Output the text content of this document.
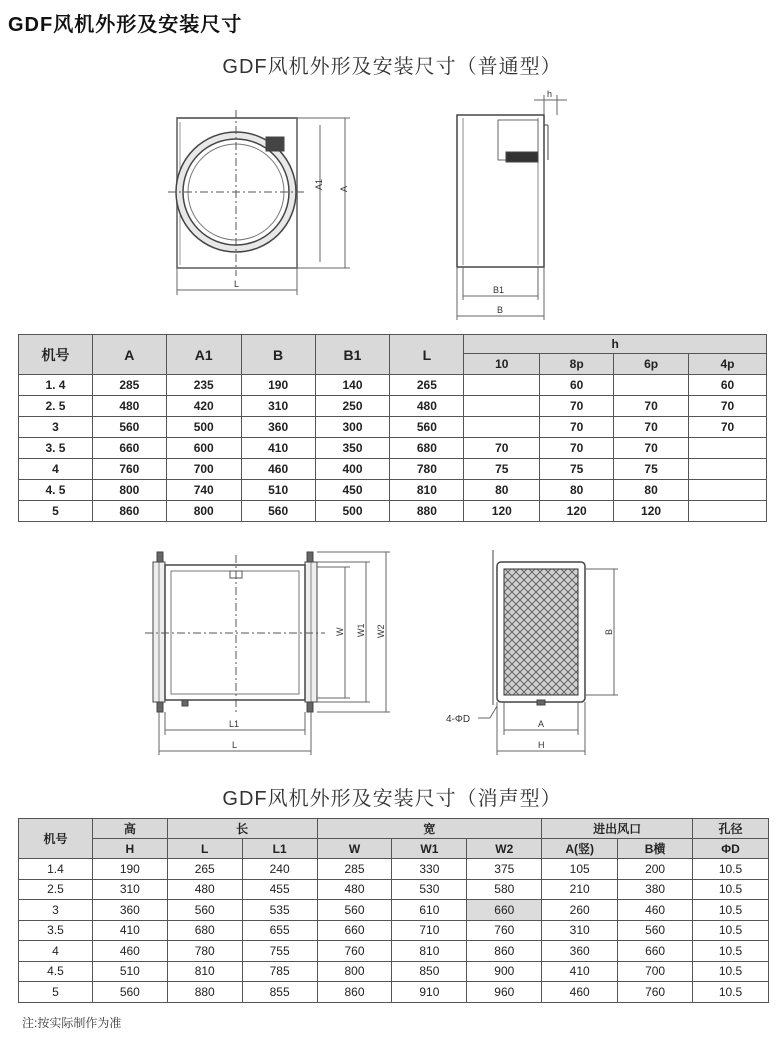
GDF风机外形及安装尺寸
GDF风机外形及安装尺寸（普通型）
A1 A
L
h
B1
B
机号	A	A1	B	B1	L	h			
						10	8p	6p	4p
1. 4	285	235	190	140	265		60		60
2. 5	480	420	310	250	480		70	70	70
3	560	500	360	300	560		70	70	70
3. 5	660	600	410	350	680	70	70	70	
4	760	700	460	400	780	75	75	75	
4. 5	800	740	510	450	810	80	80	80	
5	860	800	560	500	880	120	120	120	
GDF风机外形及安装尺寸（消声型）
W W1 W2
L1
L
B
A
H
4-ΦD
机号	高	长		宽			进出风口		孔径
	H	L	L1	W	W1	W2	A(竖)	B横	ΦD
1.4	190	265	240	285	330	375	105	200	10.5
2.5	310	480	455	480	530	580	210	380	10.5
3	360	560	535	560	610	660	260	460	10.5
3.5	410	680	655	660	710	760	310	560	10.5
4	460	780	755	760	810	860	360	660	10.5
4.5	510	810	785	800	850	900	410	700	10.5
5	560	880	855	860	910	960	460	760	10.5
注:按实际制作为准
